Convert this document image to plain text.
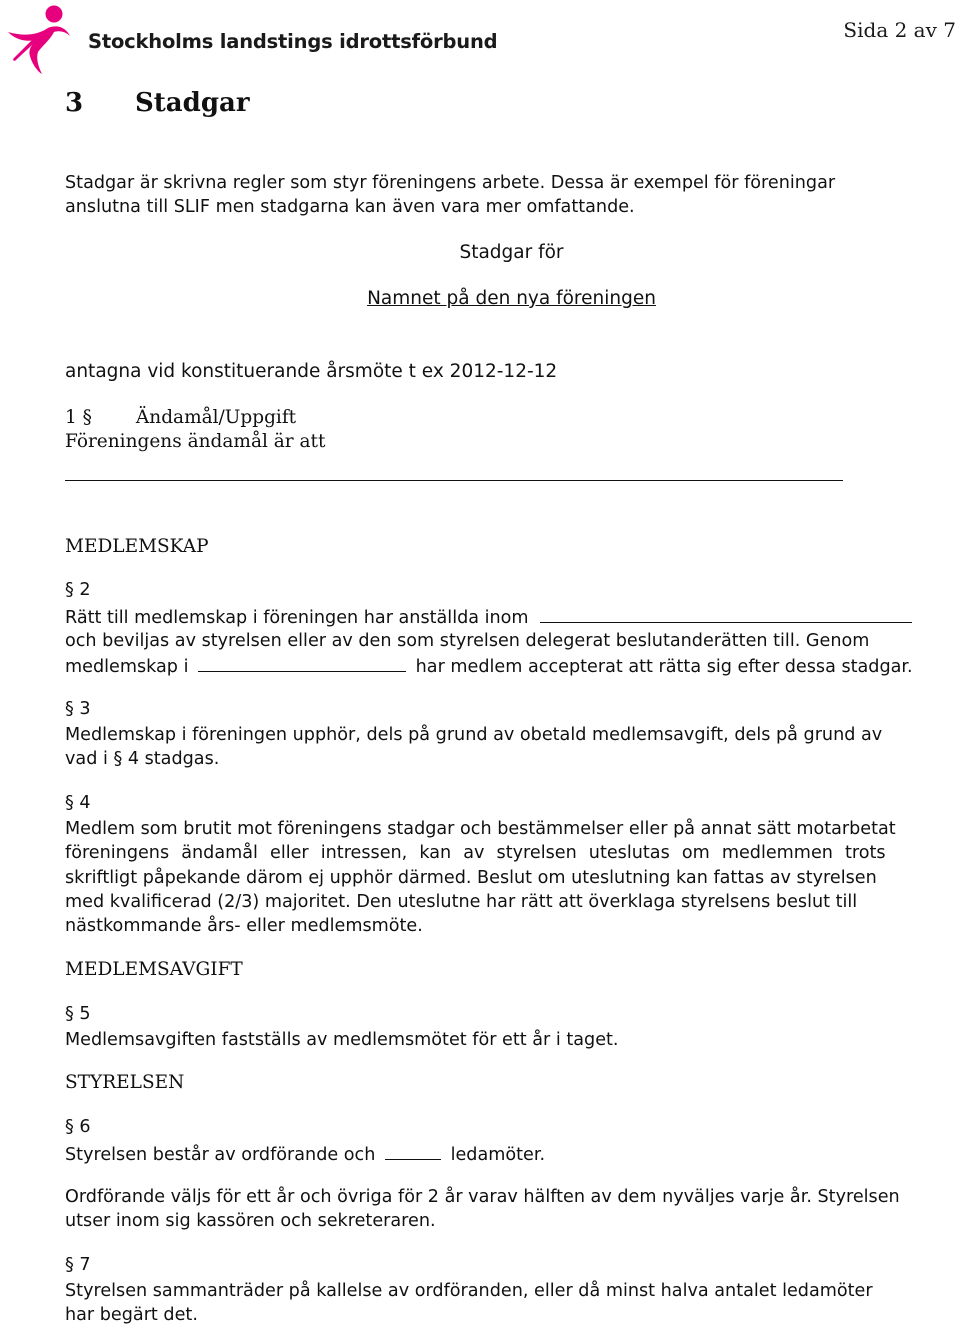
Stockholms landstings idrottsförbund	Sida 2 av 7
3 Stadgar
Stadgar är skrivna regler som styr föreningens arbete. Dessa är exempel för föreningar
anslutna till SLIF men stadgarna kan även vara mer omfattande.
Stadgar för
Namnet på den nya föreningen
antagna vid konstituerande årsmöte t ex 2012-12-12
1 § Ändamål/Uppgift
Föreningens ändamål är att
MEDLEMSKAP
§ 2
Rätt till medlemskap i föreningen har anställda inom
och beviljas av styrelsen eller av den som styrelsen delegerat beslutanderätten till. Genom
medlemskap i	har medlem accepterat att rätta sig efter dessa stadgar.
§ 3
Medlemskap i föreningen upphör, dels på grund av obetald medlemsavgift, dels på grund av
vad i § 4 stadgas.
§ 4
Medlem som brutit mot föreningens stadgar och bestämmelser eller på annat sätt motarbetat
föreningens ändamål eller intressen, kan av styrelsen uteslutas om medlemmen trots
skriftligt påpekande därom ej upphör därmed. Beslut om uteslutning kan fattas av styrelsen
med kvalificerad (2/3) majoritet. Den uteslutne har rätt att överklaga styrelsens beslut till
nästkommande års- eller medlemsmöte.
MEDLEMSAVGIFT
§ 5
Medlemsavgiften fastställs av medlemsmötet för ett år i taget.
STYRELSEN
§ 6
Styrelsen består av ordförande och	ledamöter.
Ordförande väljs för ett år och övriga för 2 år varav hälften av dem nyväljes varje år. Styrelsen
utser inom sig kassören och sekreteraren.
§ 7
Styrelsen sammanträder på kallelse av ordföranden, eller då minst halva antalet ledamöter
har begärt det.
